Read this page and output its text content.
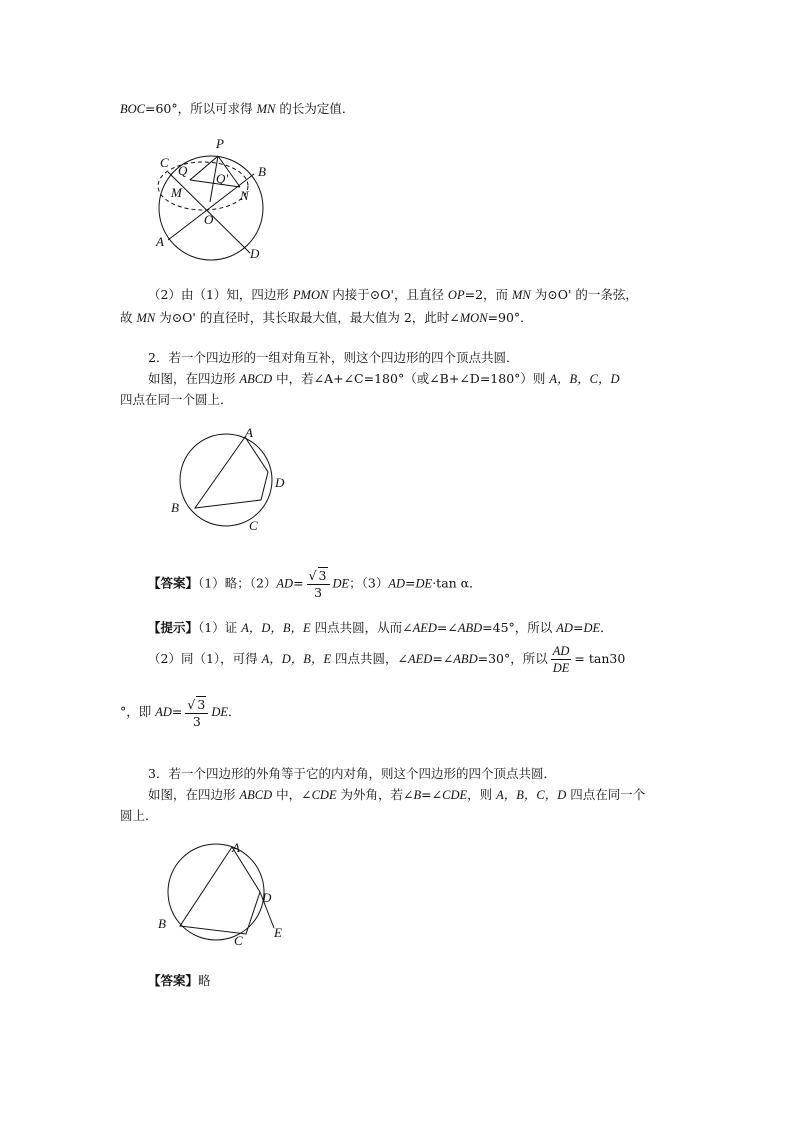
BOC=60°，所以可求得 MN 的长为定值．
P
C
B
Q
Q'
M	N
O
A
D
（2）由（1）知，四边形 PMON 内接于⊙O'，且直径 OP=2，而 MN 为⊙O' 的一条弦，
故 MN 为⊙O' 的直径时，其长取最大值，最大值为 2，此时∠MON=90°．
2．若一个四边形的一组对角互补，则这个四边形的四个顶点共圆．
如图，在四边形 ABCD 中，若∠A+∠C=180°（或∠B+∠D=180°）则 A，B，C，D
四点在同一个圆上．
A
D
C
B
【答案】（1）略；$(2)AD= \frac{√ 3}{3}$ DE；（3）AD=DE·tan α．
【提示】（1）证 A，D，B，E 四点共圆，从而∠AED=∠ABD=45°，所以 AD=DE．
（2）同（1），可得 A，D，B，E 四点共圆，∠AED=∠ABD=30°，所以 $\frac{AD}{DE} = \tan 30$
°，即 $AD= \frac{√ 3}{3}$ DE．
3．若一个四边形的外角等于它的内对角，则这个四边形的四个顶点共圆．
如图，在四边形 ABCD 中，∠CDE 为外角，若∠B=∠CDE，则 A，B，C，D 四点在同一个
圆上．
A
D
E
C
B
【答案】略
